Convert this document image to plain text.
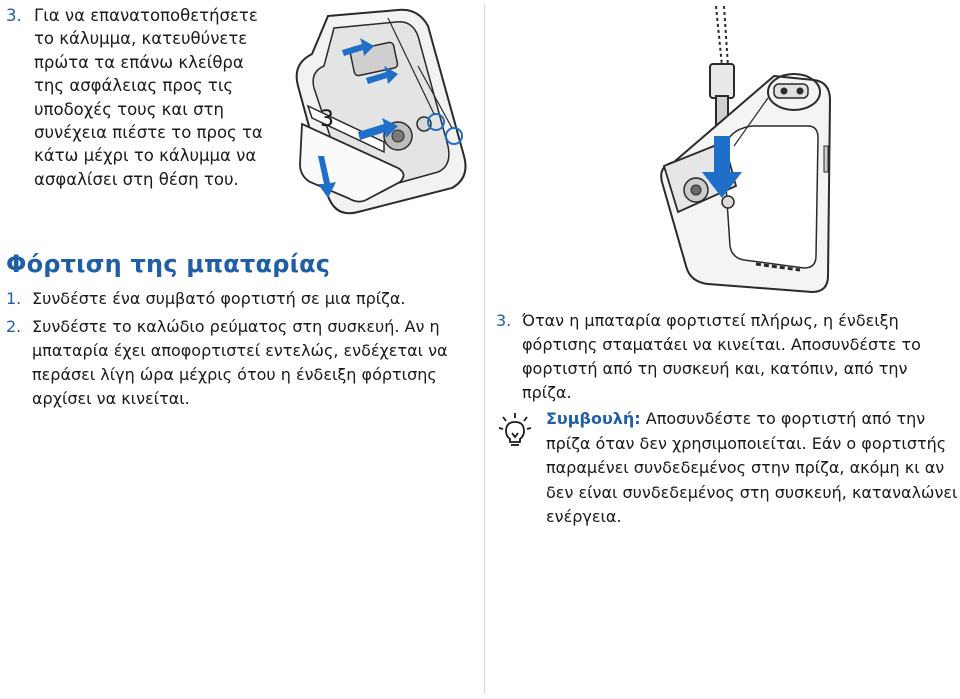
3. Για να επανατοποθετήσετε το κάλυμμα, κατευθύνετε πρώτα τα επάνω κλείθρα της ασφάλειας προς τις υποδοχές τους και στη συνέχεια πιέστε το προς τα κάτω μέχρι το κάλυμμα να ασφαλίσει στη θέση του.
3
Φόρτιση της μπαταρίας
1. Συνδέστε ένα συμβατό φορτιστή σε μια πρίζα.
2. Συνδέστε το καλώδιο ρεύματος στη συσκευή. Αν η μπαταρία έχει αποφορτιστεί εντελώς, ενδέχεται να περάσει λίγη ώρα μέχρις ότου η ένδειξη φόρτισης αρχίσει να κινείται.
3. Όταν η μπαταρία φορτιστεί πλήρως, η ένδειξη φόρτισης σταματάει να κινείται. Αποσυνδέστε το φορτιστή από τη συσκευή και, κατόπιν, από την πρίζα.

Συμβουλή: Αποσυνδέστε το φορτιστή από την πρίζα όταν δεν χρησιμοποιείται. Εάν ο φορτιστής παραμένει συνδεδεμένος στην πρίζα, ακόμη κι αν δεν είναι συνδεδεμένος στη συσκευή, καταναλώνει ενέργεια.
